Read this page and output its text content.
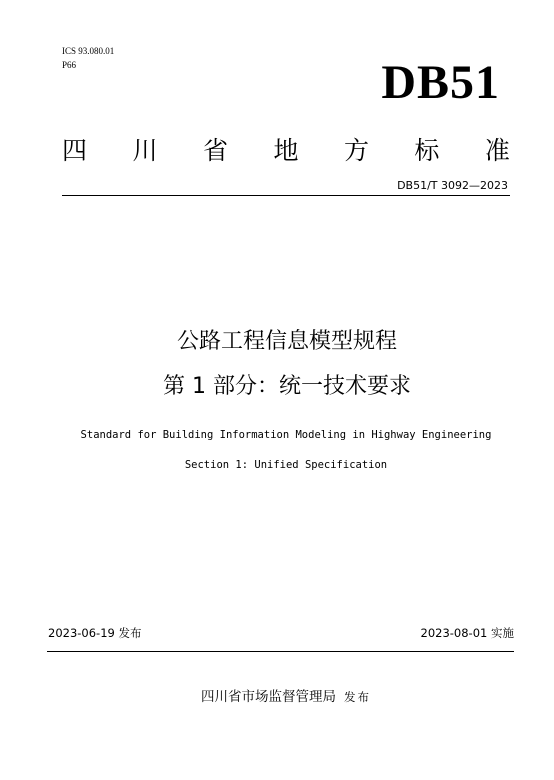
ICS 93.080.01
P66	DB51
四 川 省 地 方 标 准
DB51/T 3092—2023
公路工程信息模型规程
第 1 部分：统一技术要求
Standard for Building Information Modeling in Highway Engineering
Section 1: Unified Specification
2023-06-19 发布	2023-08-01 实施
四川省市场监督管理局 发布
